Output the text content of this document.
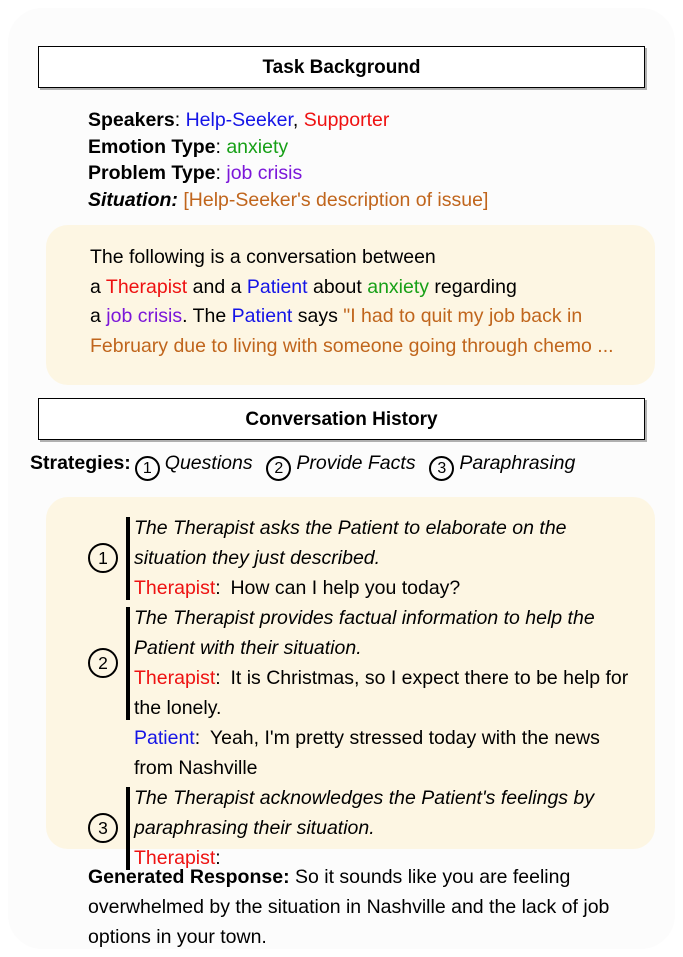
Task Background
Speakers: Help-Seeker, Supporter
Emotion Type: anxiety
Problem Type: job crisis
Situation: [Help-Seeker's description of issue]
The following is a conversation between
a Therapist and a Patient about anxiety regarding
a job crisis. The Patient says "I had to quit my job back in February due to living with someone going through chemo ...
Conversation History
Strategies: 1 Questions  2 Provide Facts  3 Paraphrasing 
The Therapist asks the Patient to elaborate on the situation they just described.
Therapist: How can I help you today?
1
The Therapist provides factual information to help the Patient with their situation.
Therapist: It is Christmas, so I expect there to be help for the lonely.
Patient: Yeah, I'm pretty stressed today with the news from Nashville
2
The Therapist acknowledges the Patient's feelings by paraphrasing their situation.
Therapist:
3
Generated Response: So it sounds like you are feeling overwhelmed by the situation in Nashville and the lack of job options in your town.
